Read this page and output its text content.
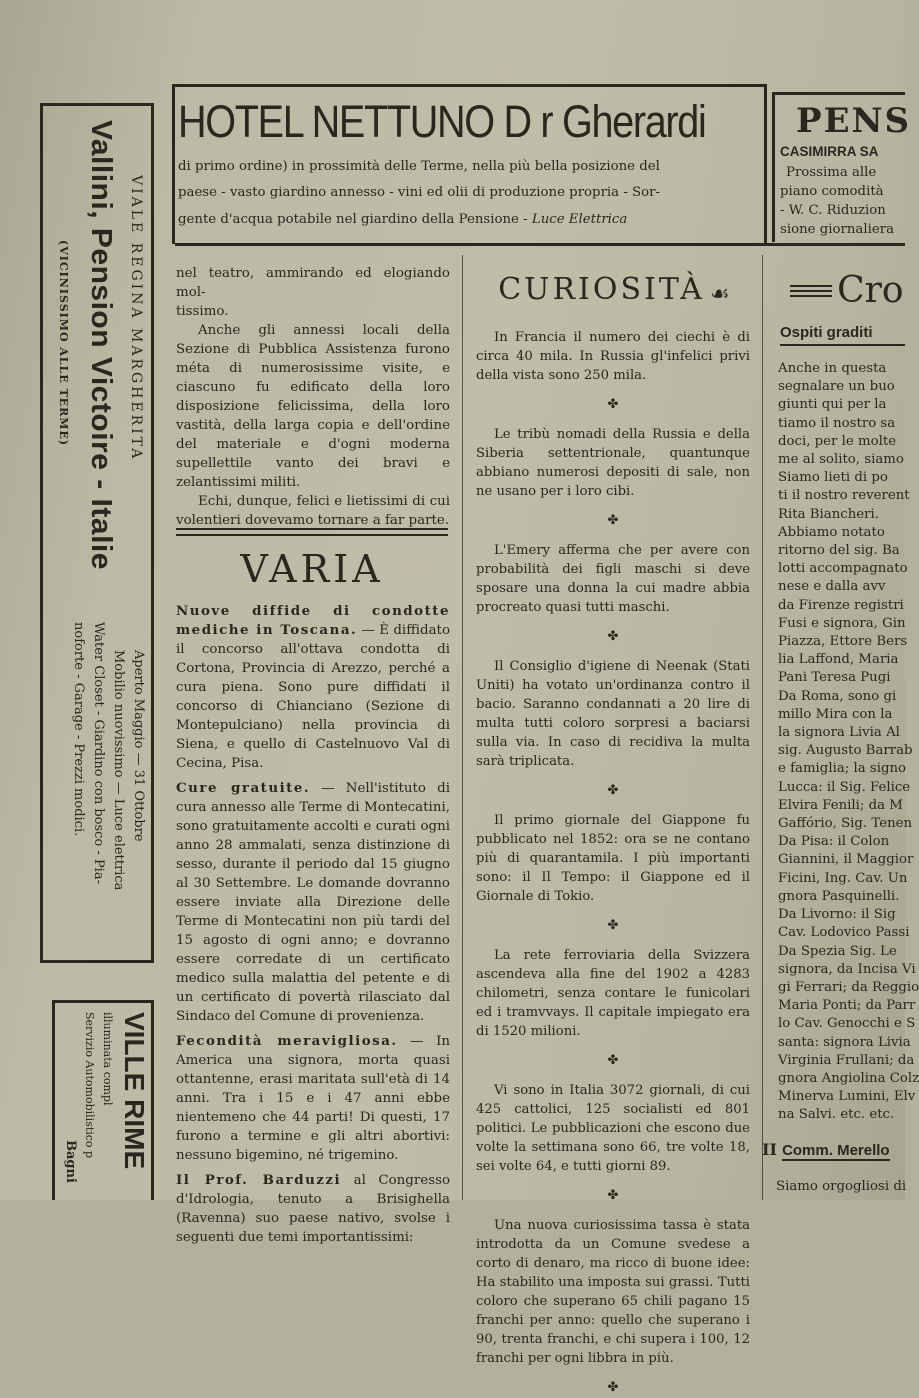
(VICINISSIMO ALLE TERME) Vallini, Pension Victoire - Italie VIALE REGINA MARGHERITA
Aperto Maggio — 31 Ottobre
Mobilio nuovissimo — Luce elettrica
Water Closet - Giardino con bosco - Pia-
noforte - Garage - Prezzi modici.
VILLE RIME
illuminata compl
Servizio Automobilistico p
Bagni
HOTEL NETTUNO D r Gherardi
di primo ordine) in prossimità delle Terme, nella più bella posizione del
paese - vasto giardino annesso - vini ed olii di produzione propria - Sor-
gente d'acqua potabile nel giardino della Pensione - Luce Elettrica
PENS
CASIMIRRA SA
Prossima alle
piano comodità
- W. C. Riduzion
sione giornaliera

nel teatro, ammirando ed elogiando mol-

tissimo.

Anche gli annessi locali della Sezione di Pubblica Assistenza furono méta di numerosissime visite, e ciascuno fu edificato della loro disposizione felicissima, della loro vastità, della larga copia e dell'ordine del materiale e d'ogni moderna supellettile vanto dei bravi e zelantissimi militi.

Echi, dunque, felici e lietissimi di cui volentieri dovevamo tornare a far parte.

VARIA

Nuove diffide di condotte mediche in Toscana. — È diffidato il concorso all'ottava condotta di Cortona, Provincia di Arezzo, perché a cura piena. Sono pure diffidati il concorso di Chianciano (Sezione di Montepulciano) nella provincia di Siena, e quello di Castelnuovo Val di Cecina, Pisa.

Cure gratuite. — Nell'istituto di cura annesso alle Terme di Montecatini, sono gratuitamente accolti e curati ogni anno 28 ammalati, senza distinzione di sesso, durante il periodo dal 15 giugno al 30 Settembre. Le domande dovranno essere inviate alla Direzione delle Terme di Montecatini non più tardi del 15 agosto di ogni anno; e dovranno essere corredate di un certificato medico sulla malattia del petente e di un certificato di povertà rilasciato dal Sindaco del Comune di provenienza.

Fecondità meravigliosa. — In America una signora, morta quasi ottantenne, erasi maritata sull'età di 14 anni. Tra i 15 e i 47 anni ebbe nientemeno che 44 parti! Di questi, 17 furono a termine e gli altri abortivi: nessuno bigemino, né trigemino.

Il Prof. Barduzzi al Congresso d'Idrologia, tenuto a Brisighella (Ravenna) suo paese nativo, svolse i seguenti due temi importantissimi:

CURIOSITÀ ☙

In Francia il numero dei ciechi è di circa 40 mila. In Russia gl'infelici privi della vista sono 250 mila.

✤

Le tribù nomadi della Russia e della Siberia settentrionale, quantunque abbiano numerosi depositi di sale, non ne usano per i loro cibi.

✤

L'Emery afferma che per avere con probabilità dei figli maschi si deve sposare una donna la cui madre abbia procreato quasi tutti maschi.

✤

Il Consiglio d'igiene di Neenak (Stati Uniti) ha votato un'ordinanza contro il bacio. Saranno condannati a 20 lire di multa tutti coloro sorpresi a baciarsi sulla via. In caso di recidiva la multa sarà triplicata.

✤

Il primo giornale del Giappone fu pubblicato nel 1852: ora se ne contano più di quarantamila. I più importanti sono: il Il Tempo: il Giappone ed il Giornale di Tokio.

✤

La rete ferroviaria della Svizzera ascendeva alla fine del 1902 a 4283 chilometri, senza contare le funicolari ed i tramvvays. Il capitale impiegato era di 1520 milioni.

✤

Vi sono in Italia 3072 giornali, di cui 425 cattolici, 125 socialisti ed 801 politici. Le pubblicazioni che escono due volte la settimana sono 66, tre volte 18, sei volte 64, e tutti giorni 89.

✤

Una nuova curiosissima tassa è stata introdotta da un Comune svedese a corto di denaro, ma ricco di buone idee: Ha stabilito una imposta sui grassi. Tutti coloro che superano 65 chili pagano 15 franchi per anno: quello che superano i 90, trenta franchi, e chi supera i 100, 12 franchi per ogni libbra in più.

✤
Cro
Ospiti graditi
Anche in questa
segnalare un buo
giunti qui per la
tiamo il nostro sa
doci, per le molte
me al solito, siamo
Siamo lieti di po
ti il nostro reverent
Rita Biancheri.
Abbiamo notato
ritorno del sig. Ba
lotti accompagnato
nese e dalla avv
da Firenze registri
Fusi e signora, Gin
Piazza, Ettore Bers
lia Laffond, Maria
Pani Teresa Pugi
Da Roma, sono gi
millo Mira con la
la signora Livia Al
sig. Augusto Barrab
e famiglia; la signo
Lucca: il Sig. Felice
Elvira Fenili; da M
Gaffório, Sig. Tenen
Da Pisa: il Colon
Giannini, il Maggior
Ficini, Ing. Cav. Un
gnora Pasquinelli.
Da Livorno: il Sig
Cav. Lodovico Passi
Da Spezia Sig. Le
signora, da Incisa Vi
gi Ferrari; da Reggio
Maria Ponti; da Parr
lo Cav. Genocchi e S
santa: signora Livia
Virginia Frullani; da
gnora Angiolina Colz
Minerva Lumini, Elv
na Salvi. etc. etc.
II Comm. Merello
Siamo orgogliosi di
